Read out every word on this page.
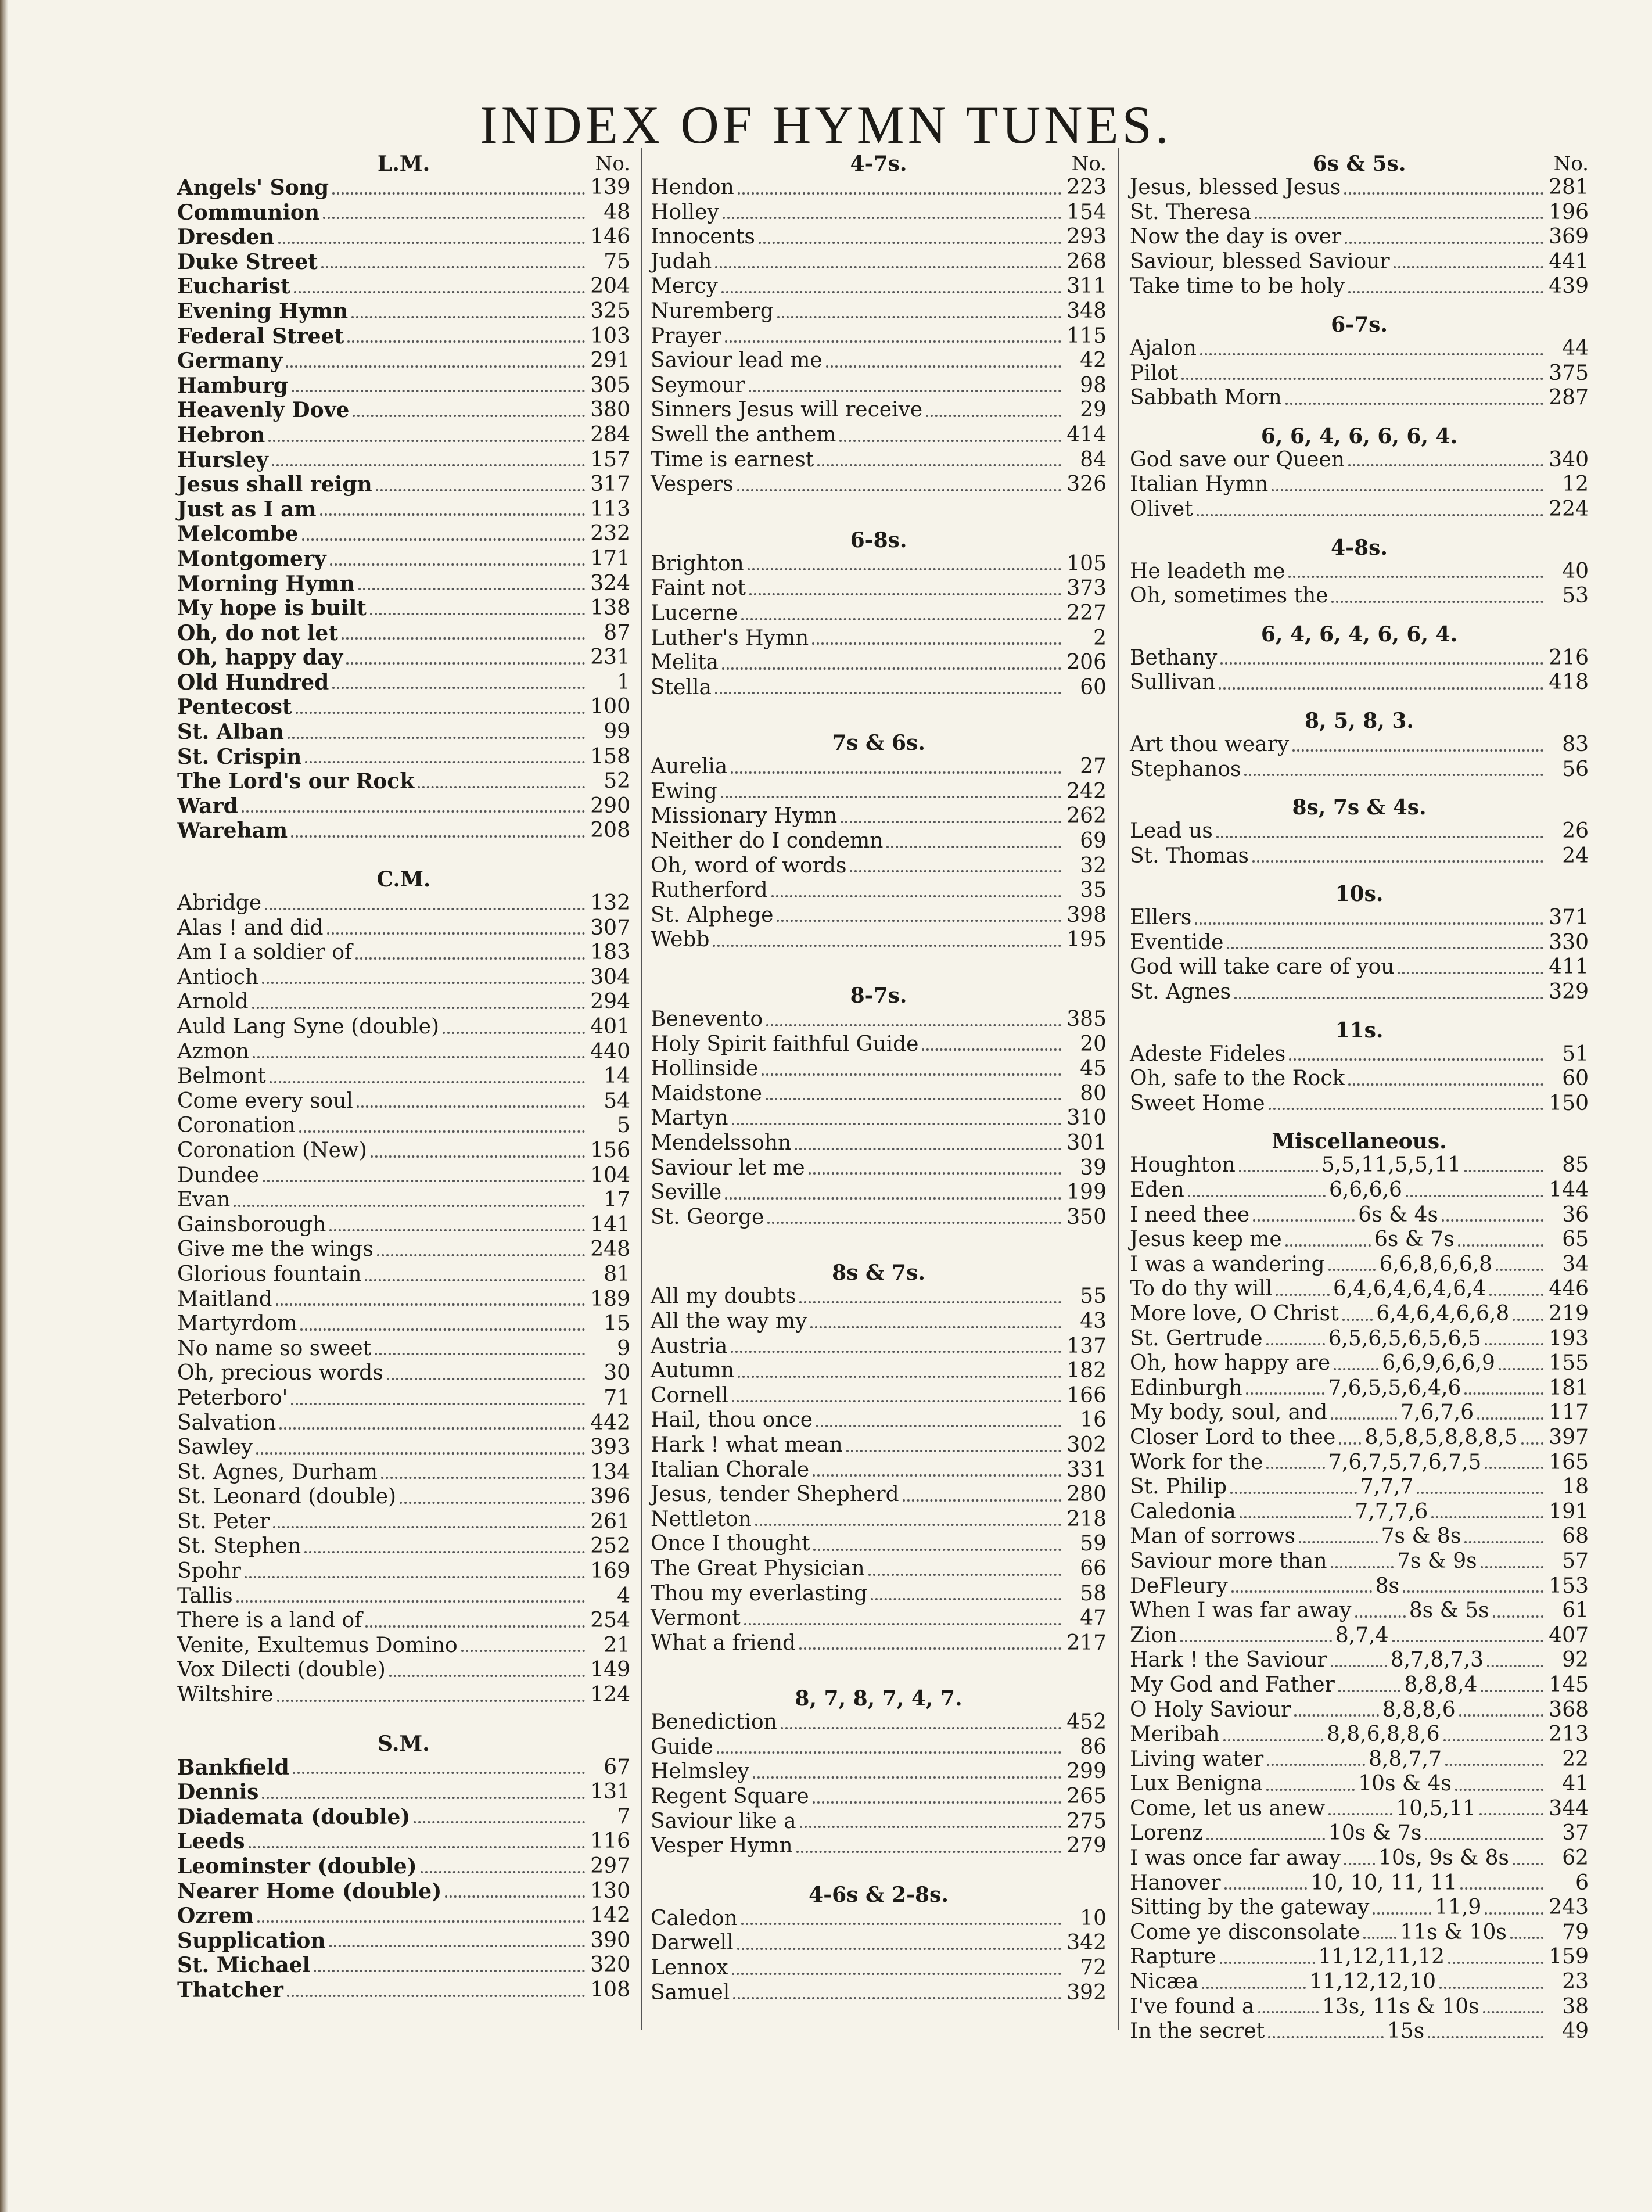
INDEX OF HYMN TUNES.
L.M.	No.
Angels' Song	139
Communion	48
Dresden	146
Duke Street	75
Eucharist	204
Evening Hymn	325
Federal Street	103
Germany	291
Hamburg	305
Heavenly Dove	380
Hebron	284
Hursley	157
Jesus shall reign	317
Just as I am	113
Melcombe	232
Montgomery	171
Morning Hymn	324
My hope is built	138
Oh, do not let	87
Oh, happy day	231
Old Hundred	1
Pentecost	100
St. Alban	99
St. Crispin	158
The Lord's our Rock	52
Ward	290
Wareham	208
C.M.
Abridge	132
Alas ! and did	307
Am I a soldier of	183
Antioch	304
Arnold	294
Auld Lang Syne (double)	401
Azmon	440
Belmont	14
Come every soul	54
Coronation	5
Coronation (New)	156
Dundee	104
Evan	17
Gainsborough	141
Give me the wings	248
Glorious fountain	81
Maitland	189
Martyrdom	15
No name so sweet	9
Oh, precious words	30
Peterboro'	71
Salvation	442
Sawley	393
St. Agnes, Durham	134
St. Leonard (double)	396
St. Peter	261
St. Stephen	252
Spohr	169
Tallis	4
There is a land of	254
Venite, Exultemus Domino	21
Vox Dilecti (double)	149
Wiltshire	124
S.M.
Bankfield	67
Dennis	131
Diademata (double)	7
Leeds	116
Leominster (double)	297
Nearer Home (double)	130
Ozrem	142
Supplication	390
St. Michael	320
Thatcher	108
4-7s.	No.
Hendon	223
Holley	154
Innocents	293
Judah	268
Mercy	311
Nuremberg	348
Prayer	115
Saviour lead me	42
Seymour	98
Sinners Jesus will receive	29
Swell the anthem	414
Time is earnest	84
Vespers	326
6-8s.
Brighton	105
Faint not	373
Lucerne	227
Luther's Hymn	2
Melita	206
Stella	60
7s & 6s.
Aurelia	27
Ewing	242
Missionary Hymn	262
Neither do I condemn	69
Oh, word of words	32
Rutherford	35
St. Alphege	398
Webb	195
8-7s.
Benevento	385
Holy Spirit faithful Guide	20
Hollinside	45
Maidstone	80
Martyn	310
Mendelssohn	301
Saviour let me	39
Seville	199
St. George	350
8s & 7s.
All my doubts	55
All the way my	43
Austria	137
Autumn	182
Cornell	166
Hail, thou once	16
Hark ! what mean	302
Italian Chorale	331
Jesus, tender Shepherd	280
Nettleton	218
Once I thought	59
The Great Physician	66
Thou my everlasting	58
Vermont	47
What a friend	217
8, 7, 8, 7, 4, 7.
Benediction	452
Guide	86
Helmsley	299
Regent Square	265
Saviour like a	275
Vesper Hymn	279
4-6s & 2-8s.
Caledon	10
Darwell	342
Lennox	72
Samuel	392
6s & 5s.	No.
Jesus, blessed Jesus	281
St. Theresa	196
Now the day is over	369
Saviour, blessed Saviour	441
Take time to be holy	439
6-7s.
Ajalon	44
Pilot	375
Sabbath Morn	287
6, 6, 4, 6, 6, 6, 4.
God save our Queen	340
Italian Hymn	12
Olivet	224
4-8s.
He leadeth me	40
Oh, sometimes the	53
6, 4, 6, 4, 6, 6, 4.
Bethany	216
Sullivan	418
8, 5, 8, 3.
Art thou weary	83
Stephanos	56
8s, 7s & 4s.
Lead us	26
St. Thomas	24
10s.
Ellers	371
Eventide	330
God will take care of you	411
St. Agnes	329
11s.
Adeste Fideles	51
Oh, safe to the Rock	60
Sweet Home	150
Miscellaneous.
Houghton	5,5,11,5,5,11	85
Eden	6,6,6,6	144
I need thee	6s & 4s	36
Jesus keep me	6s & 7s	65
I was a wandering	6,6,8,6,6,8	34
To do thy will	6,4,6,4,6,4,6,4	446
More love, O Christ 6,4,6,4,6,6,8 219
St. Gertrude	6,5,6,5,6,5,6,5	193
Oh, how happy are 6,6,9,6,6,9	155
Edinburgh	7,6,5,5,6,4,6	181
My body, soul, and	7,6,7,6	117
Closer Lord to thee 8,5,8,5,8,8,8,5 397
Work for the	7,6,7,5,7,6,7,5	165
St. Philip	7,7,7	18
Caledonia	7,7,7,6	191
Man of sorrows	7s & 8s	68
Saviour more than	7s & 9s	57
DeFleury	8s	153
When I was far away	8s & 5s	61
Zion	8,7,4	407
Hark ! the Saviour	8,7,8,7,3	92
My God and Father	8,8,8,4	145
O Holy Saviour	8,8,8,6	368
Meribah	8,8,6,8,8,6	213
Living water	8,8,7,7	22
Lux Benigna	10s & 4s	41
Come, let us anew	10,5,11	344
Lorenz	10s & 7s	37
I was once far away 10s, 9s & 8s	62
Hanover	10, 10, 11, 11	6
Sitting by the gateway	11,9	243
Come ye disconsolate 11s & 10s	79
Rapture	11,12,11,12	159
Nicæa	11,12,12,10	23
I've found a	13s, 11s & 10s	38
In the secret	15s	49
